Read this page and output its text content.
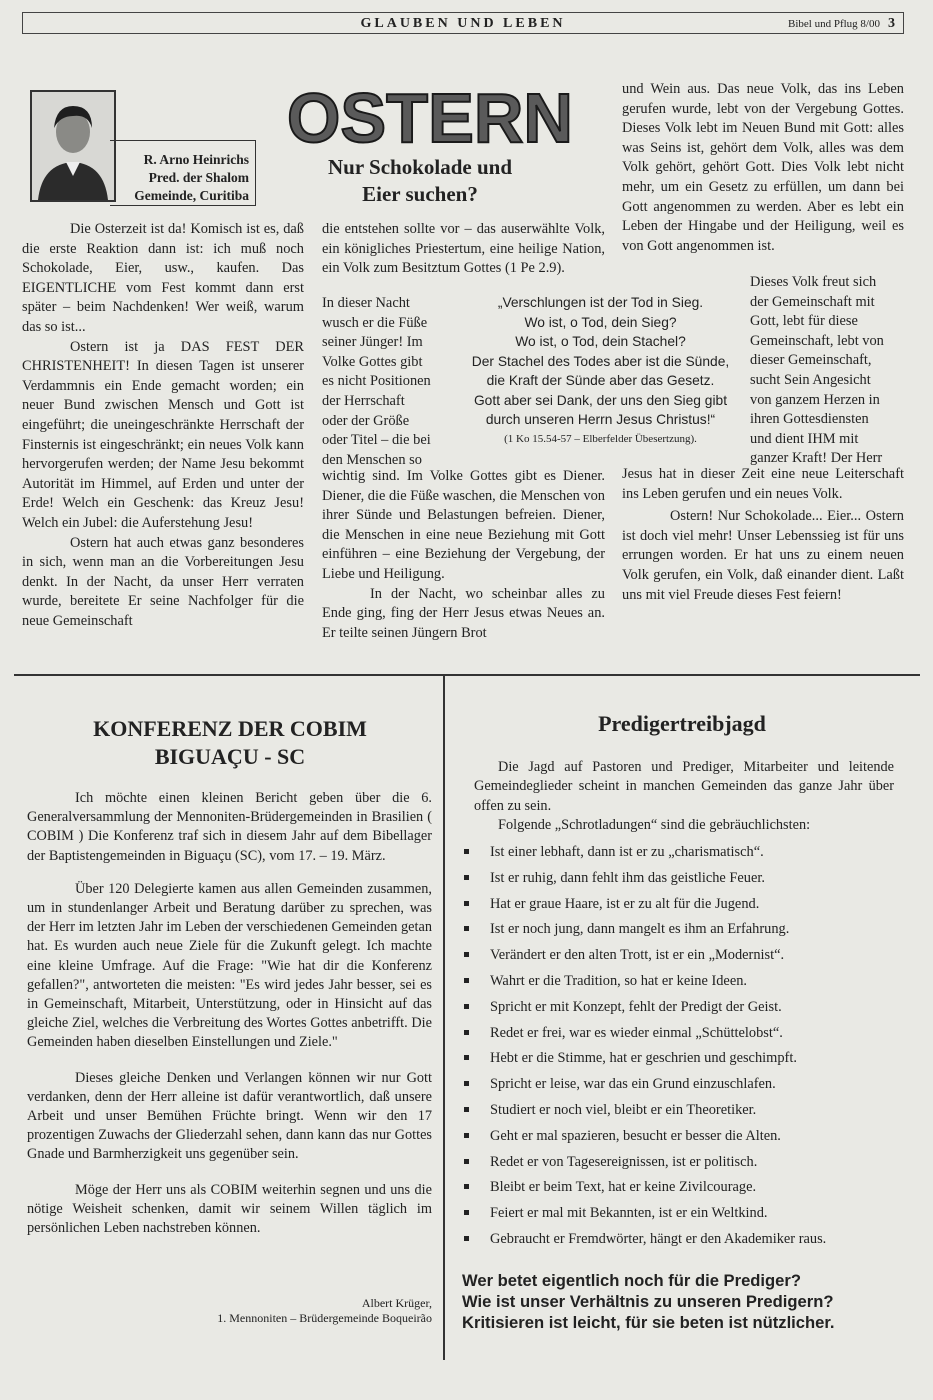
GLAUBEN UND LEBEN	Bibel und Pflug 8/00 3
R. Arno Heinrichs
Pred. der Shalom
Gemeinde, Curitiba
OSTERN
Nur Schokolade und
Eier suchen?

Die Osterzeit ist da! Komisch ist es, daß die erste Reaktion dann ist: ich muß noch Schokolade, Eier, usw., kaufen. Das EIGENTLICHE vom Fest kommt dann erst später – beim Nachdenken! Wer weiß, warum das so ist...

Ostern ist ja DAS FEST DER CHRISTENHEIT! In diesen Tagen ist unserer Verdammnis ein Ende gemacht worden; ein neuer Bund zwischen Mensch und Gott ist eingeführt; die uneingeschränkte Herrschaft der Finsternis ist eingeschränkt; ein neues Volk kann hervorgerufen werden; der Name Jesu bekommt Autorität im Himmel, auf Erden und unter der Erde! Welch ein Geschenk: das Kreuz Jesu! Welch ein Jubel: die Auferstehung Jesu!

Ostern hat auch etwas ganz besonderes in sich, wenn man an die Vorbereitungen Jesu denkt. In der Nacht, da unser Herr verraten wurde, bereitete Er seine Nachfolger für die neue Gemeinschaft

die entstehen sollte vor – das auserwählte Volk, ein königliches Priestertum, eine heilige Nation, ein Volk zum Besitztum Gottes (1 Pe 2.9).

In dieser Nacht
wusch er die Füße
seiner Jünger! Im
Volke Gottes gibt
es nicht Positionen
der Herrschaft
oder der Größe
oder Titel – die bei
den Menschen so

wichtig sind. Im Volke Gottes gibt es Diener. Diener, die die Füße waschen, die Menschen von ihrer Sünde und Belastungen befreien. Diener, die Menschen in eine neue Beziehung mit Gott einführen – eine Beziehung der Vergebung, der Liebe und Heiligung.

In der Nacht, wo scheinbar alles zu Ende ging, fing der Herr Jesus etwas Neues an. Er teilte seinen Jüngern Brot

„Verschlungen ist der Tod in Sieg.
Wo ist, o Tod, dein Sieg?
Wo ist, o Tod, dein Stachel?
Der Stachel des Todes aber ist die Sünde,
die Kraft der Sünde aber das Gesetz.
Gott aber sei Dank, der uns den Sieg gibt
durch unseren Herrn Jesus Christus!“
(1 Ko 15.54-57 – Elberfelder Übesertzung).

und Wein aus. Das neue Volk, das ins Leben gerufen wurde, lebt von der Vergebung Gottes. Dieses Volk lebt im Neuen Bund mit Gott: alles was Seins ist, gehört dem Volk, alles was dem Volk gehört, gehört Gott. Dies Volk lebt nicht mehr, um ein Gesetz zu erfüllen, um dann bei Gott angenommen zu werden. Aber es lebt ein Leben der Hingabe und der Heiligung, weil es von Gott angenommen ist.

Dieses Volk freut sich
der Gemeinschaft mit
Gott, lebt für diese
Gemeinschaft, lebt von
dieser Gemeinschaft,
sucht Sein Angesicht
von ganzem Herzen in
ihren Gottesdiensten
und dient IHM mit
ganzer Kraft! Der Herr

Jesus hat in dieser Zeit eine neue Leiterschaft ins Leben gerufen und ein neues Volk.

Ostern! Nur Schokolade... Eier... Ostern ist doch viel mehr! Unser Lebenssieg ist für uns errungen worden. Er hat uns zu einem neuen Volk gerufen, ein Volk, daß einander dient. Laßt uns mit viel Freude dieses Fest feiern!

KONFERENZ DER COBIM
BIGUAÇU - SC

Ich möchte einen kleinen Bericht geben über die 6. Generalversammlung der Mennoniten-Brüdergemeinden in Brasilien ( COBIM ) Die Konferenz traf sich in diesem Jahr auf dem Bibellager der Baptistengemeinden in Biguaçu (SC), vom 17. – 19. März.

Über 120 Delegierte kamen aus allen Gemeinden zusammen, um in stundenlanger Arbeit und Beratung darüber zu sprechen, was der Herr im letzten Jahr im Leben der verschiedenen Gemeinden getan hat. Es wurden auch neue Ziele für die Zukunft gelegt. Ich machte eine kleine Umfrage. Auf die Frage: "Wie hat dir die Konferenz gefallen?", antworteten die meisten: "Es wird jedes Jahr besser, sei es in Gemeinschaft, Mitarbeit, Unterstützung, oder in Hinsicht auf das gleiche Ziel, welches die Verbreitung des Wortes Gottes anbetrifft. Die Gemeinden haben dieselben Einstellungen und Ziele."

Dieses gleiche Denken und Verlangen können wir nur Gott verdanken, denn der Herr alleine ist dafür verantwortlich, daß unsere Arbeit und unser Bemühen Früchte bringt. Wenn wir den 17 prozentigen Zuwachs der Gliederzahl sehen, dann kann das nur Gottes Gnade und Barmherzigkeit uns gegenüber sein.

Möge der Herr uns als COBIM weiterhin segnen und uns die nötige Weisheit schenken, damit wir seinem Willen täglich im persönlichen Leben nachstreben können.

Albert Krüger,
1. Mennoniten – Brüdergemeinde Boqueirão
Predigertreibjagd

Die Jagd auf Pastoren und Prediger, Mitarbeiter und leitende Gemeindeglieder scheint in manchen Gemeinden das ganze Jahr über offen zu sein.

Folgende „Schrotladungen“ sind die gebräuchlichsten:

Ist einer lebhaft, dann ist er zu „charismatisch“.
Ist er ruhig, dann fehlt ihm das geistliche Feuer.
Hat er graue Haare, ist er zu alt für die Jugend.
Ist er noch jung, dann mangelt es ihm an Erfahrung.
Verändert er den alten Trott, ist er ein „Modernist“.
Wahrt er die Tradition, so hat er keine Ideen.
Spricht er mit Konzept, fehlt der Predigt der Geist.
Redet er frei, war es wieder einmal „Schüttelobst“.
Hebt er die Stimme, hat er geschrien und geschimpft.
Spricht er leise, war das ein Grund einzuschlafen.
Studiert er noch viel, bleibt er ein Theoretiker.
Geht er mal spazieren, besucht er besser die Alten.
Redet er von Tagesereignissen, ist er politisch.
Bleibt er beim Text, hat er keine Zivilcourage.
Feiert er mal mit Bekannten, ist er ein Weltkind.
Gebraucht er Fremdwörter, hängt er den Akademiker raus.
Wer betet eigentlich noch für die Prediger?
Wie ist unser Verhältnis zu unseren Predigern?
Kritisieren ist leicht, für sie beten ist nützlicher.
